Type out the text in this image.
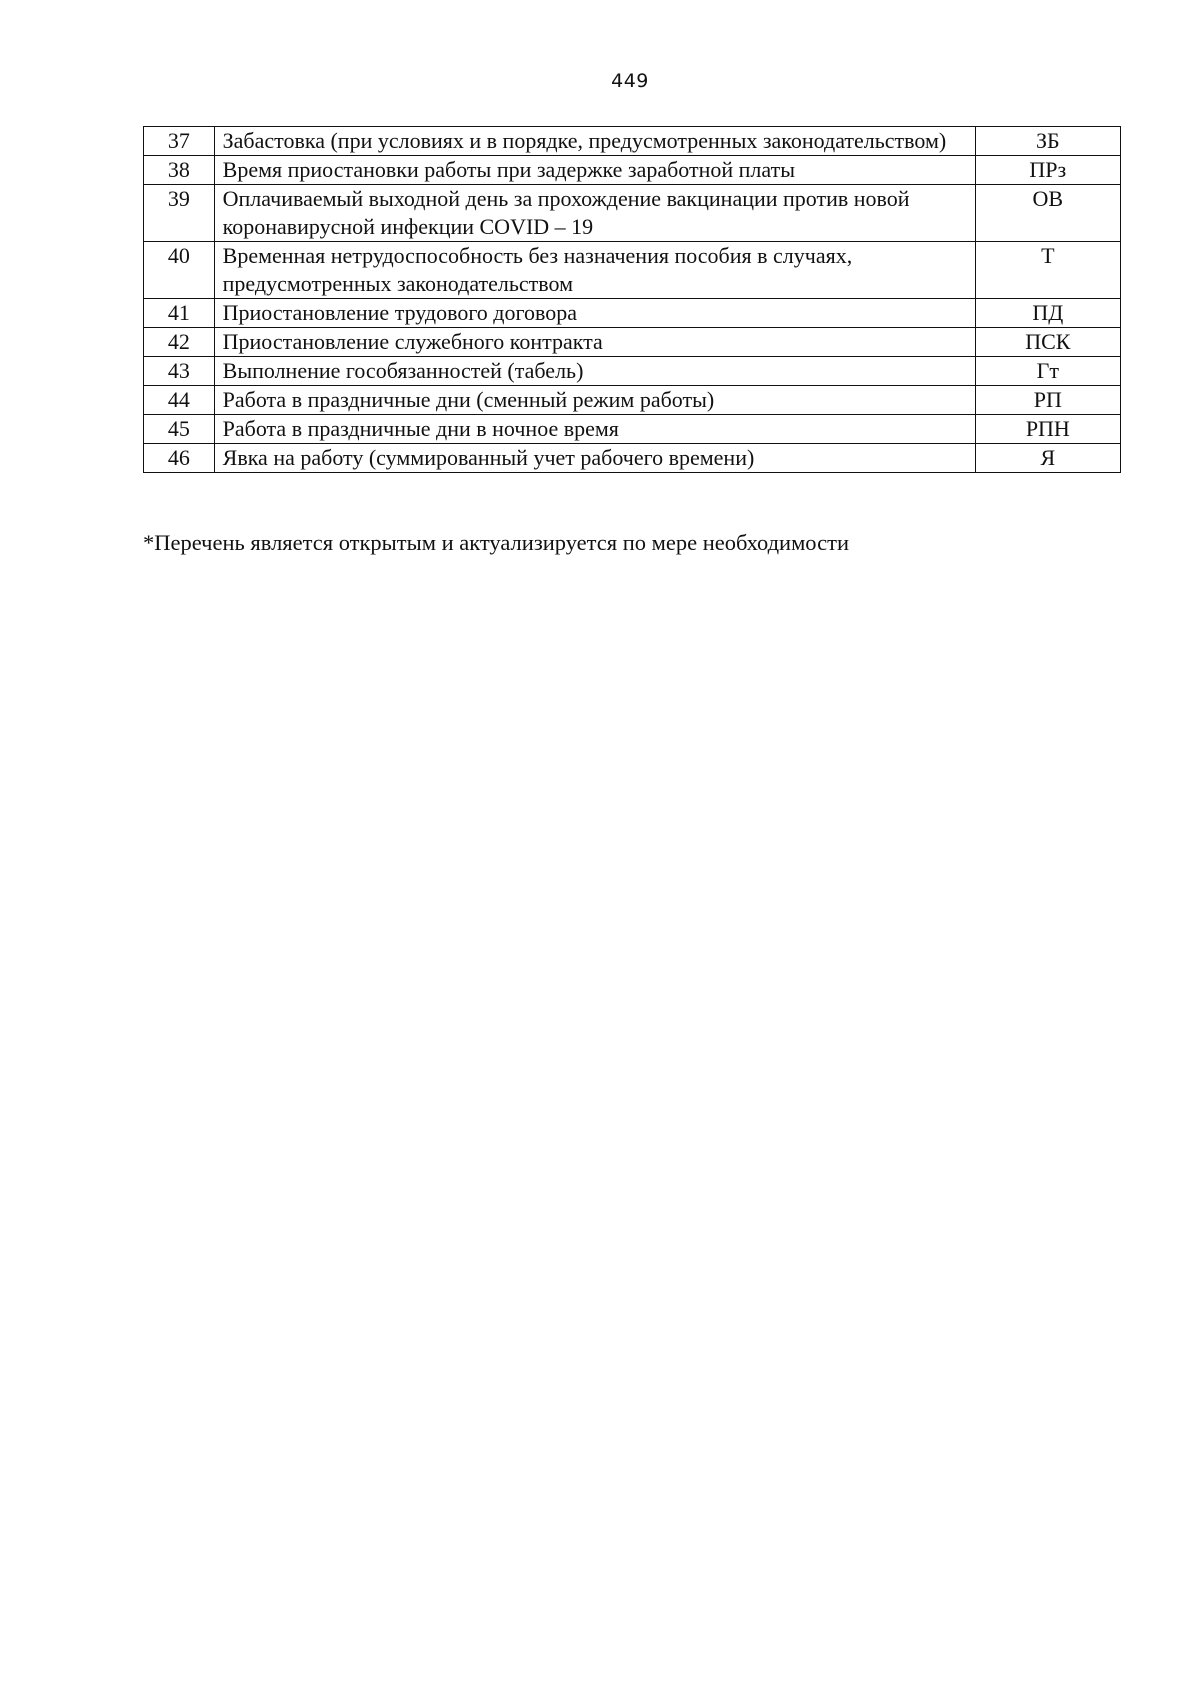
449
37	Забастовка (при условиях и в порядке, предусмотренных законодательством)	ЗБ
38	Время приостановки работы при задержке заработной платы	ПРз
39	Оплачиваемый выходной день за прохождение вакцинации против новой коронавирусной инфекции COVID – 19	ОВ
40	Временная нетрудоспособность без назначения пособия в случаях, предусмотренных законодательством	Т
41	Приостановление трудового договора	ПД
42	Приостановление служебного контракта	ПСК
43	Выполнение гособязанностей (табель)	Гт
44	Работа в праздничные дни (сменный режим работы)	РП
45	Работа в праздничные дни в ночное время	РПН
46	Явка на работу (суммированный учет рабочего времени)	Я
*Перечень является открытым и актуализируется по мере необходимости
